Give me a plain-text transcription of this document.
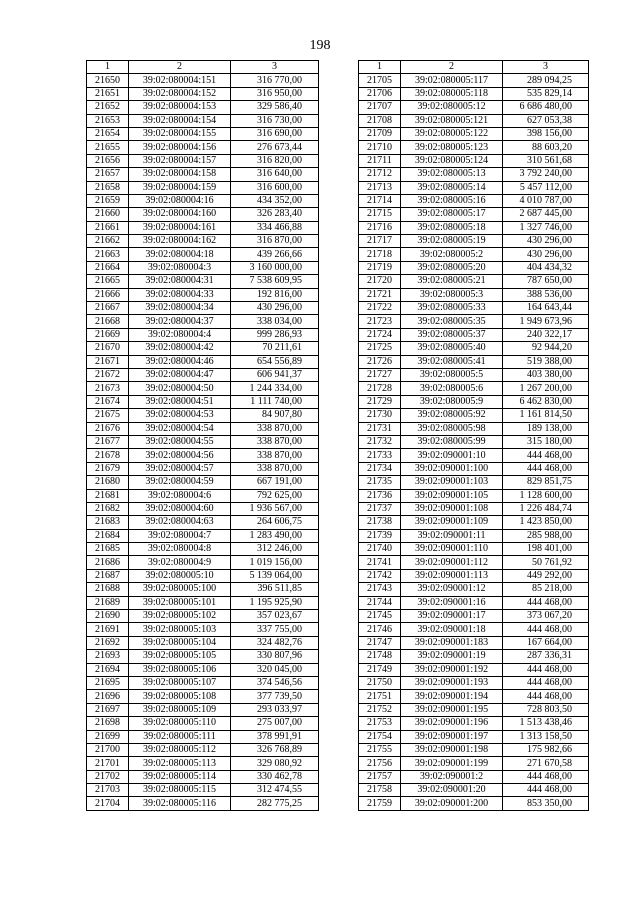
198
1	2	3
21650	39:02:080004:151	316 770,00
21651	39:02:080004:152	316 950,00
21652	39:02:080004:153	329 586,40
21653	39:02:080004:154	316 730,00
21654	39:02:080004:155	316 690,00
21655	39:02:080004:156	276 673,44
21656	39:02:080004:157	316 820,00
21657	39:02:080004:158	316 640,00
21658	39:02:080004:159	316 600,00
21659	39:02:080004:16	434 352,00
21660	39:02:080004:160	326 283,40
21661	39:02:080004:161	334 466,88
21662	39:02:080004:162	316 870,00
21663	39:02:080004:18	439 266,66
21664	39:02:080004:3	3 160 000,00
21665	39:02:080004:31	7 538 609,95
21666	39:02:080004:33	192 816,00
21667	39:02:080004:34	430 296,00
21668	39:02:080004:37	338 034,00
21669	39:02:080004:4	999 286,93
21670	39:02:080004:42	70 211,61
21671	39:02:080004:46	654 556,89
21672	39:02:080004:47	606 941,37
21673	39:02:080004:50	1 244 334,00
21674	39:02:080004:51	1 111 740,00
21675	39:02:080004:53	84 907,80
21676	39:02:080004:54	338 870,00
21677	39:02:080004:55	338 870,00
21678	39:02:080004:56	338 870,00
21679	39:02:080004:57	338 870,00
21680	39:02:080004:59	667 191,00
21681	39:02:080004:6	792 625,00
21682	39:02:080004:60	1 936 567,00
21683	39:02:080004:63	264 606,75
21684	39:02:080004:7	1 283 490,00
21685	39:02:080004:8	312 246,00
21686	39:02:080004:9	1 019 156,00
21687	39:02:080005:10	5 139 064,00
21688	39:02:080005:100	396 511,85
21689	39:02:080005:101	1 195 925,90
21690	39:02:080005:102	357 023,67
21691	39:02:080005:103	337 755,00
21692	39:02:080005:104	324 482,76
21693	39:02:080005:105	330 807,96
21694	39:02:080005:106	320 045,00
21695	39:02:080005:107	374 546,56
21696	39:02:080005:108	377 739,50
21697	39:02:080005:109	293 033,97
21698	39:02:080005:110	275 007,00
21699	39:02:080005:111	378 991,91
21700	39:02:080005:112	326 768,89
21701	39:02:080005:113	329 080,92
21702	39:02:080005:114	330 462,78
21703	39:02:080005:115	312 474,55
21704	39:02:080005:116	282 775,25
1	2	3
21705	39:02:080005:117	289 094,25
21706	39:02:080005:118	535 829,14
21707	39:02:080005:12	6 686 480,00
21708	39:02:080005:121	627 053,38
21709	39:02:080005:122	398 156,00
21710	39:02:080005:123	88 603,20
21711	39:02:080005:124	310 561,68
21712	39:02:080005:13	3 792 240,00
21713	39:02:080005:14	5 457 112,00
21714	39:02:080005:16	4 010 787,00
21715	39:02:080005:17	2 687 445,00
21716	39:02:080005:18	1 327 746,00
21717	39:02:080005:19	430 296,00
21718	39:02:080005:2	430 296,00
21719	39:02:080005:20	404 434,32
21720	39:02:080005:21	787 650,00
21721	39:02:080005:3	388 536,00
21722	39:02:080005:33	164 643,44
21723	39:02:080005:35	1 949 673,96
21724	39:02:080005:37	240 322,17
21725	39:02:080005:40	92 944,20
21726	39:02:080005:41	519 388,00
21727	39:02:080005:5	403 380,00
21728	39:02:080005:6	1 267 200,00
21729	39:02:080005:9	6 462 830,00
21730	39:02:080005:92	1 161 814,50
21731	39:02:080005:98	189 138,00
21732	39:02:080005:99	315 180,00
21733	39:02:090001:10	444 468,00
21734	39:02:090001:100	444 468,00
21735	39:02:090001:103	829 851,75
21736	39:02:090001:105	1 128 600,00
21737	39:02:090001:108	1 226 484,74
21738	39:02:090001:109	1 423 850,00
21739	39:02:090001:11	285 988,00
21740	39:02:090001:110	198 401,00
21741	39:02:090001:112	50 761,92
21742	39:02:090001:113	449 292,00
21743	39:02:090001:12	85 218,00
21744	39:02:090001:16	444 468,00
21745	39:02:090001:17	373 067,20
21746	39:02:090001:18	444 468,00
21747	39:02:090001:183	167 664,00
21748	39:02:090001:19	287 336,31
21749	39:02:090001:192	444 468,00
21750	39:02:090001:193	444 468,00
21751	39:02:090001:194	444 468,00
21752	39:02:090001:195	728 803,50
21753	39:02:090001:196	1 513 438,46
21754	39:02:090001:197	1 313 158,50
21755	39:02:090001:198	175 982,66
21756	39:02:090001:199	271 670,58
21757	39:02:090001:2	444 468,00
21758	39:02:090001:20	444 468,00
21759	39:02:090001:200	853 350,00
